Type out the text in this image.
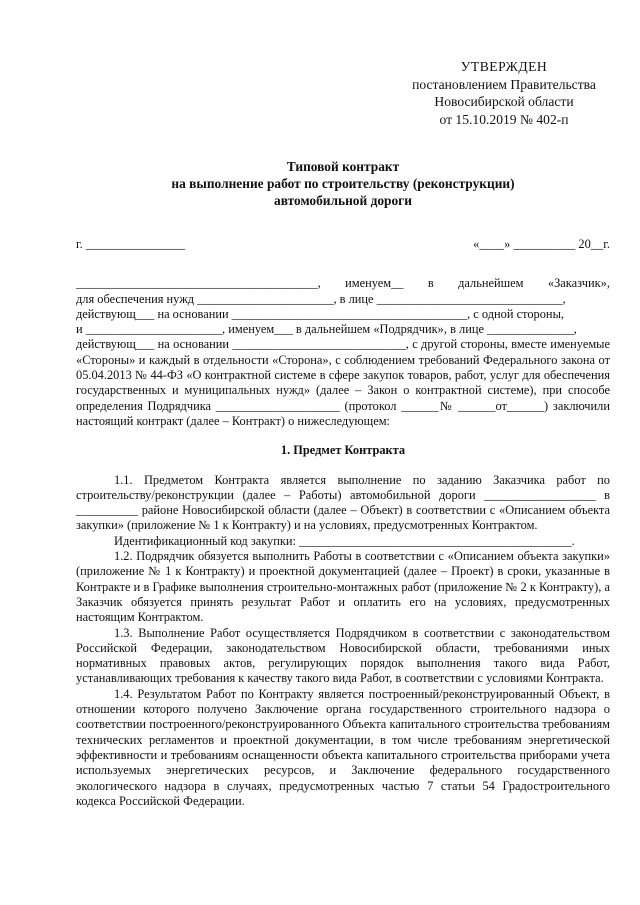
УТВЕРЖДЕН
постановлением Правительства
Новосибирской области
от 15.10.2019 № 402-п
Типовой контракт
на выполнение работ по строительству (реконструкции)
автомобильной дороги
г. ________________	«____» __________ 20__г.
_______________________________________, именуем__ в дальнейшем «Заказчик»,
для обеспечения нужд ______________________, в лице ______________________________,
действующ___ на основании ______________________________________, с одной стороны,
и ______________________, именуем___ в дальнейшем «Подрядчик», в лице ______________,
действующ___ на основании ____________________________, с другой стороны, вместе именуемые «Стороны» и каждый в отдельности «Сторона», с соблюдением требований Федерального закона от 05.04.2013 № 44-ФЗ «О контрактной системе в сфере закупок товаров, работ, услуг для обеспечения государственных и муниципальных нужд» (далее – Закон о контрактной системе), при способе определения Подрядчика ____________________ (протокол ______№ ______от______) заключили настоящий контракт (далее – Контракт) о нижеследующем:
1. Предмет Контракта
1.1. Предметом Контракта является выполнение по заданию Заказчика работ по строительству/реконструкции (далее – Работы) автомобильной дороги __________________ в __________ районе Новосибирской области (далее – Объект) в соответствии с «Описанием объекта закупки» (приложение № 1 к Контракту) и на условиях, предусмотренных Контрактом.
Идентификационный код закупки: ____________________________________________.
1.2. Подрядчик обязуется выполнить Работы в соответствии с «Описанием объекта закупки» (приложение № 1 к Контракту) и проектной документацией (далее – Проект) в сроки, указанные в Контракте и в Графике выполнения строительно-монтажных работ (приложение № 2 к Контракту), а Заказчик обязуется принять результат Работ и оплатить его на условиях, предусмотренных настоящим Контрактом.
1.3. Выполнение Работ осуществляется Подрядчиком в соответствии с законодательством Российской Федерации, законодательством Новосибирской области, требованиями иных нормативных правовых актов, регулирующих порядок выполнения такого вида Работ, устанавливающих требования к качеству такого вида Работ, в соответствии с условиями Контракта.
1.4. Результатом Работ по Контракту является построенный/реконструированный Объект, в отношении которого получено Заключение органа государственного строительного надзора о соответствии построенного/реконструированного Объекта капитального строительства требованиям технических регламентов и проектной документации, в том числе требованиям энергетической эффективности и требованиям оснащенности объекта капитального строительства приборами учета используемых энергетических ресурсов, и Заключение федерального государственного экологического надзора в случаях, предусмотренных частью 7 статьи 54 Градостроительного кодекса Российской Федерации.
